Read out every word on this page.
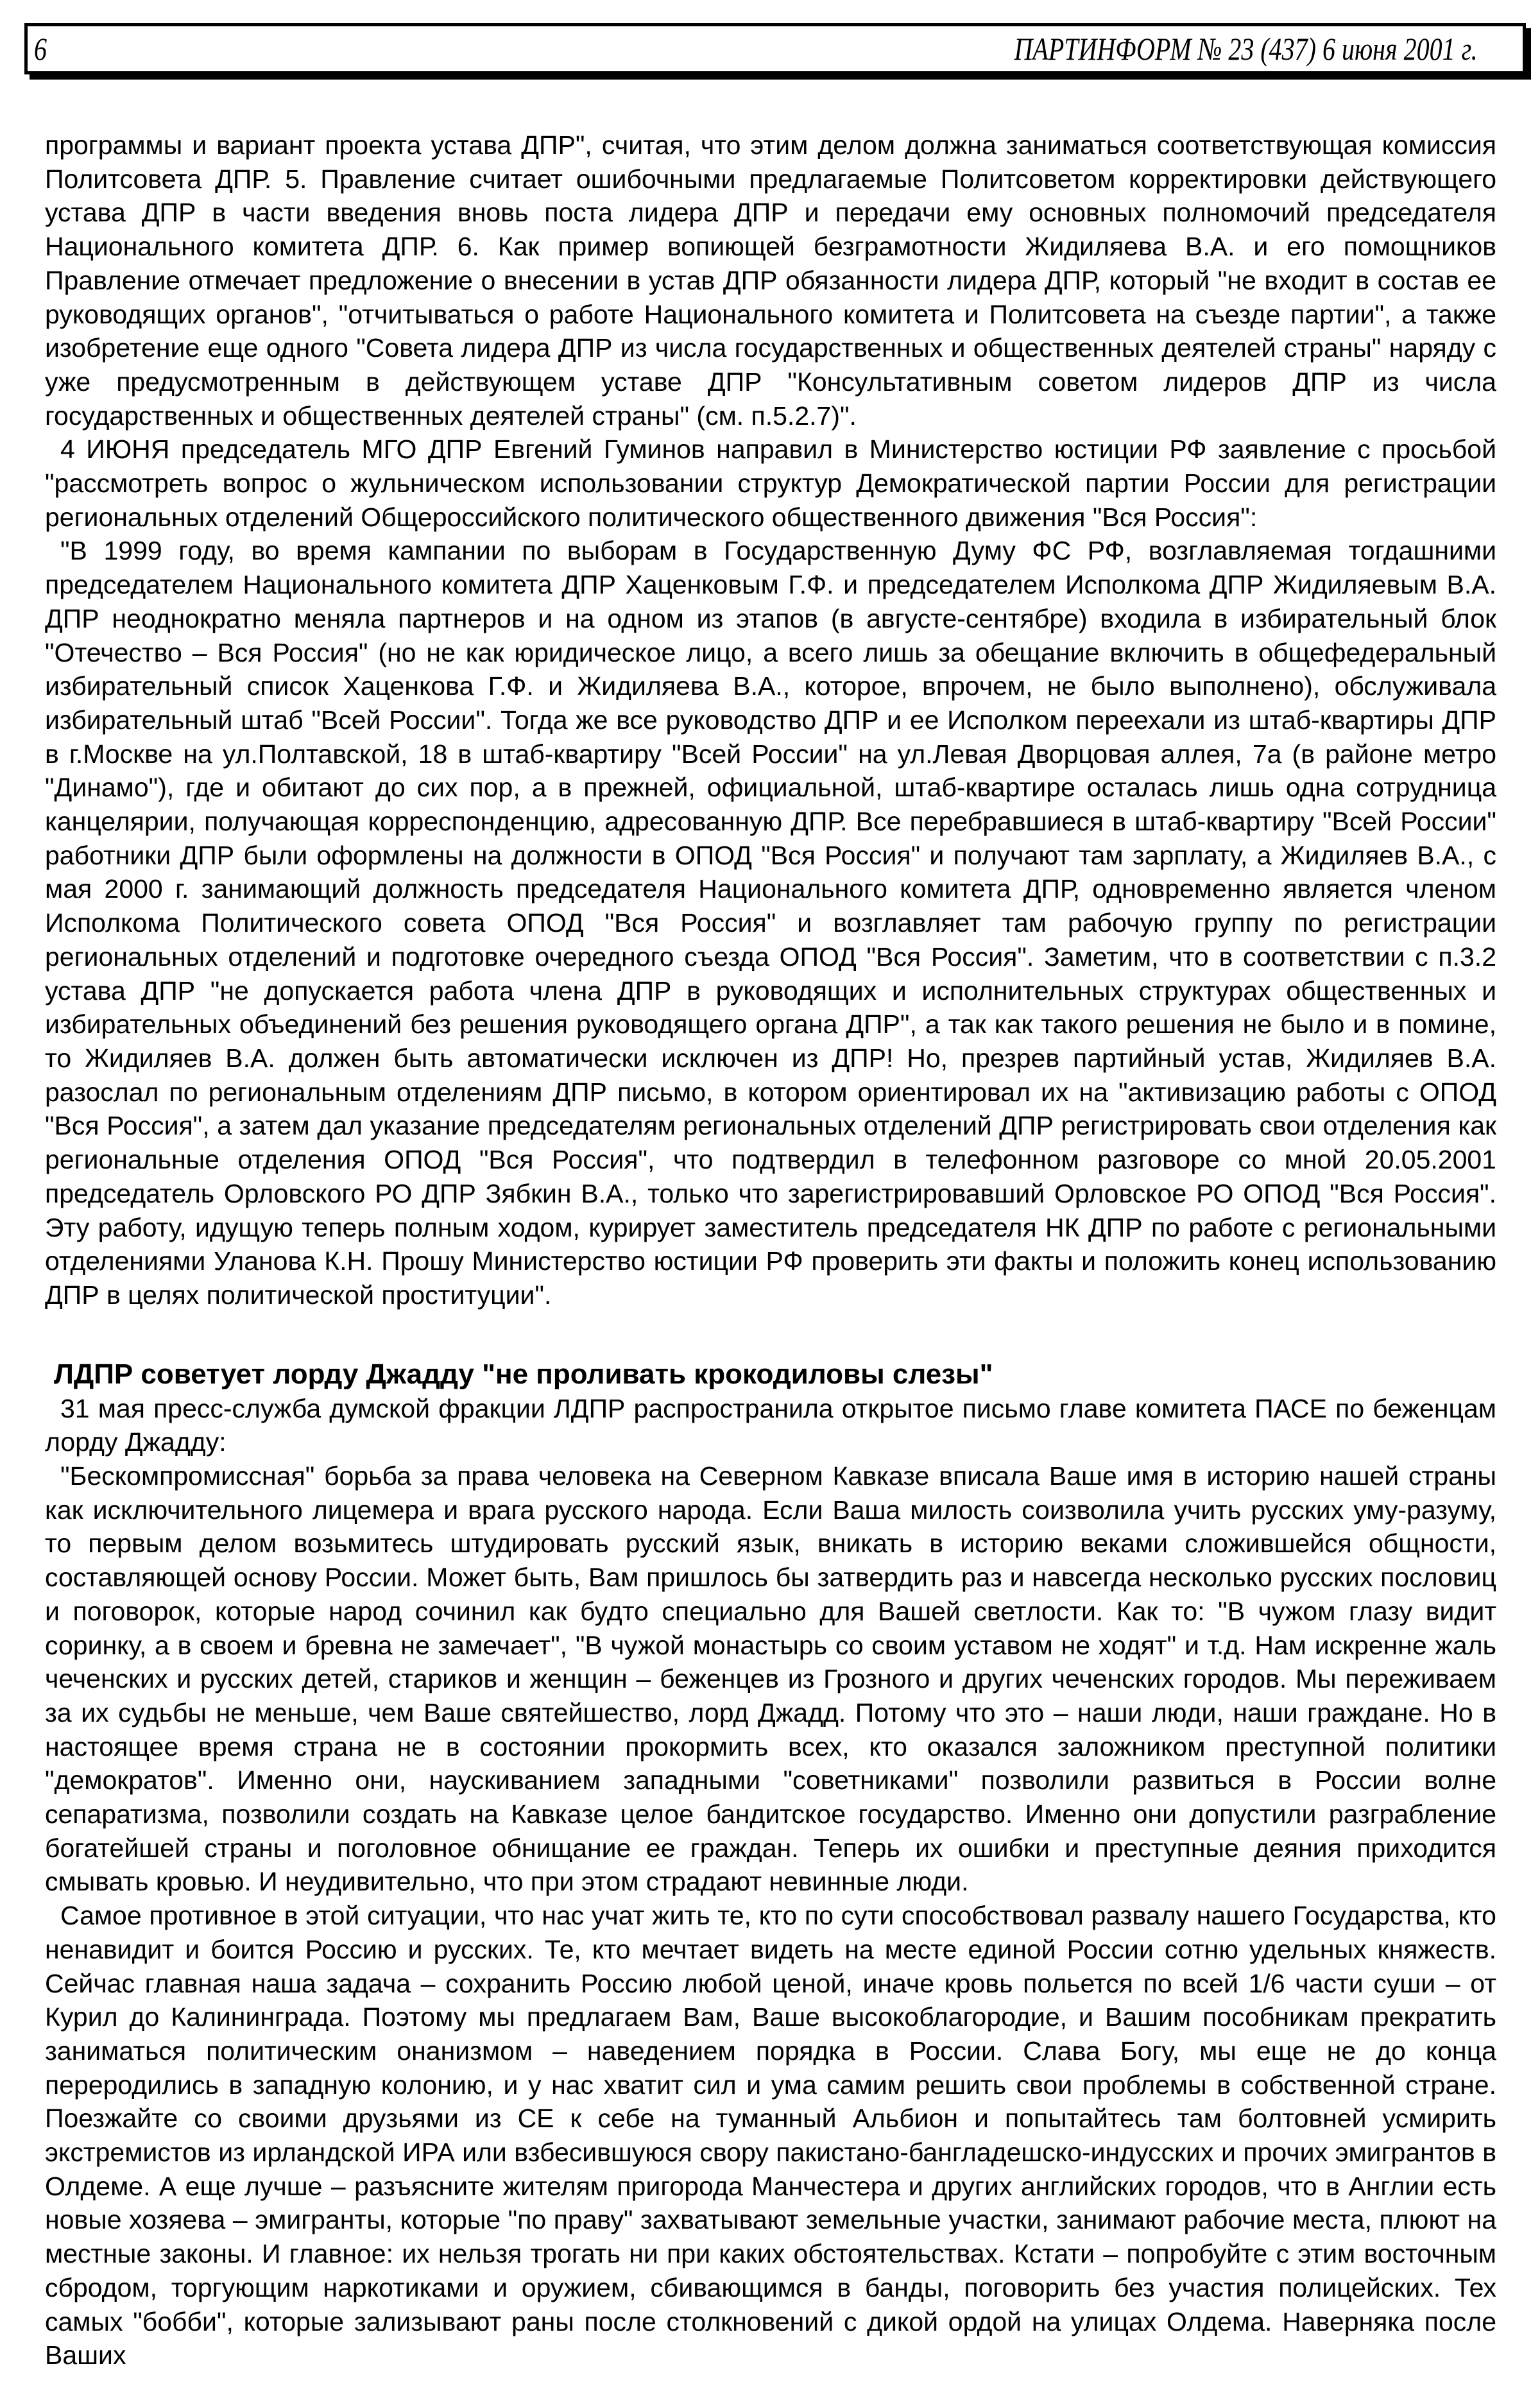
6	ПАРТИНФОРМ № 23 (437) 6 июня 2001 г.

программы и вариант проекта устава ДПР", считая, что этим делом должна заниматься соответствующая комиссия Политсовета ДПР. 5. Правление считает ошибочными предлагаемые Политсоветом корректировки действующего устава ДПР в части введения вновь поста лидера ДПР и передачи ему основных полномочий председателя Национального комитета ДПР. 6. Как пример вопиющей безграмотности Жидиляева В.А. и его помощников Правление отмечает предложение о внесении в устав ДПР обязанности лидера ДПР, который "не входит в состав ее руководящих органов", "отчитываться о работе Национального комитета и Политсовета на съезде партии", а также изобретение еще одного "Совета лидера ДПР из числа государственных и общественных деятелей страны" наряду с уже предусмотренным в действующем уставе ДПР "Консультативным советом лидеров ДПР из числа государственных и общественных деятелей страны" (см. п.5.2.7)".

4 ИЮНЯ председатель МГО ДПР Евгений Гуминов направил в Министерство юстиции РФ заявление с просьбой "рассмотреть вопрос о жульническом использовании структур Демократической партии России для регистрации региональных отделений Общероссийского политического общественного движения "Вся Россия":

"В 1999 году, во время кампании по выборам в Государственную Думу ФС РФ, возглавляемая тогдашними председателем Национального комитета ДПР Хаценковым Г.Ф. и председателем Исполкома ДПР Жидиляевым В.А. ДПР неоднократно меняла партнеров и на одном из этапов (в августе-сентябре) входила в избирательный блок "Отечество – Вся Россия" (но не как юридическое лицо, а всего лишь за обещание включить в общефедеральный избирательный список Хаценкова Г.Ф. и Жидиляева В.А., которое, впрочем, не было выполнено), обслуживала избирательный штаб "Всей России". Тогда же все руководство ДПР и ее Исполком переехали из штаб-квартиры ДПР в г.Москве на ул.Полтавской, 18 в штаб-квартиру "Всей России" на ул.Левая Дворцовая аллея, 7а (в районе метро "Динамо"), где и обитают до сих пор, а в прежней, официальной, штаб-квартире осталась лишь одна сотрудница канцелярии, получающая корреспонденцию, адресованную ДПР. Все перебравшиеся в штаб-квартиру "Всей России" работники ДПР были оформлены на должности в ОПОД "Вся Россия" и получают там зарплату, а Жидиляев В.А., с мая 2000 г. занимающий должность председателя Национального комитета ДПР, одновременно является членом Исполкома Политического совета ОПОД "Вся Россия" и возглавляет там рабочую группу по регистрации региональных отделений и подготовке очередного съезда ОПОД "Вся Россия". Заметим, что в соответствии с п.3.2 устава ДПР "не допускается работа члена ДПР в руководящих и исполнительных структурах общественных и избирательных объединений без решения руководящего органа ДПР", а так как такого решения не было и в помине, то Жидиляев В.А. должен быть автоматически исключен из ДПР! Но, презрев партийный устав, Жидиляев В.А. разослал по региональным отделениям ДПР письмо, в котором ориентировал их на "активизацию работы с ОПОД "Вся Россия", а затем дал указание председателям региональных отделений ДПР регистрировать свои отделения как региональные отделения ОПОД "Вся Россия", что подтвердил в телефонном разговоре со мной 20.05.2001 председатель Орловского РО ДПР Зябкин В.А., только что зарегистрировавший Орловское РО ОПОД "Вся Россия". Эту работу, идущую теперь полным ходом, курирует заместитель председателя НК ДПР по работе с региональными отделениями Уланова К.Н. Прошу Министерство юстиции РФ проверить эти факты и положить конец использованию ДПР в целях политической проституции".

ЛДПР советует лорду Джадду "не проливать крокодиловы слезы"

31 мая пресс-служба думской фракции ЛДПР распространила открытое письмо главе комитета ПАСЕ по беженцам лорду Джадду:

"Бескомпромиссная" борьба за права человека на Северном Кавказе вписала Ваше имя в историю нашей страны как исключительного лицемера и врага русского народа. Если Ваша милость соизволила учить русских уму-разуму, то первым делом возьмитесь штудировать русский язык, вникать в историю веками сложившейся общности, составляющей основу России. Может быть, Вам пришлось бы затвердить раз и навсегда несколько русских пословиц и поговорок, которые народ сочинил как будто специально для Вашей светлости. Как то: "В чужом глазу видит соринку, а в своем и бревна не замечает", "В чужой монастырь со своим уставом не ходят" и т.д. Нам искренне жаль чеченских и русских детей, стариков и женщин – беженцев из Грозного и других чеченских городов. Мы переживаем за их судьбы не меньше, чем Ваше святейшество, лорд Джадд. Потому что это – наши люди, наши граждане. Но в настоящее время страна не в состоянии прокормить всех, кто оказался заложником преступной политики "демократов". Именно они, наускиванием западными "советниками" позволили развиться в России волне сепаратизма, позволили создать на Кавказе целое бандитское государство. Именно они допустили разграбление богатейшей страны и поголовное обнищание ее граждан. Теперь их ошибки и преступные деяния приходится смывать кровью. И неудивительно, что при этом страдают невинные люди.

Самое противное в этой ситуации, что нас учат жить те, кто по сути способствовал развалу нашего Государства, кто ненавидит и боится Россию и русских. Те, кто мечтает видеть на месте единой России сотню удельных княжеств. Сейчас главная наша задача – сохранить Россию любой ценой, иначе кровь польется по всей 1/6 части суши – от Курил до Калининграда. Поэтому мы предлагаем Вам, Ваше высокоблагородие, и Вашим пособникам прекратить заниматься политическим онанизмом – наведением порядка в России. Слава Богу, мы еще не до конца переродились в западную колонию, и у нас хватит сил и ума самим решить свои проблемы в собственной стране. Поезжайте со своими друзьями из СЕ к себе на туманный Альбион и попытайтесь там болтовней усмирить экстремистов из ирландской ИРА или взбесившуюся свору пакистано-бангладешско-индусских и прочих эмигрантов в Олдеме. А еще лучше – разъясните жителям пригорода Манчестера и других английских городов, что в Англии есть новые хозяева – эмигранты, которые "по праву" захватывают земельные участки, занимают рабочие места, плюют на местные законы. И главное: их нельзя трогать ни при каких обстоятельствах. Кстати – попробуйте с этим восточным сбродом, торгующим наркотиками и оружием, сбивающимся в банды, поговорить без участия полицейских. Тех самых "бобби", которые зализывают раны после столкновений с дикой ордой на улицах Олдема. Наверняка после Ваших
